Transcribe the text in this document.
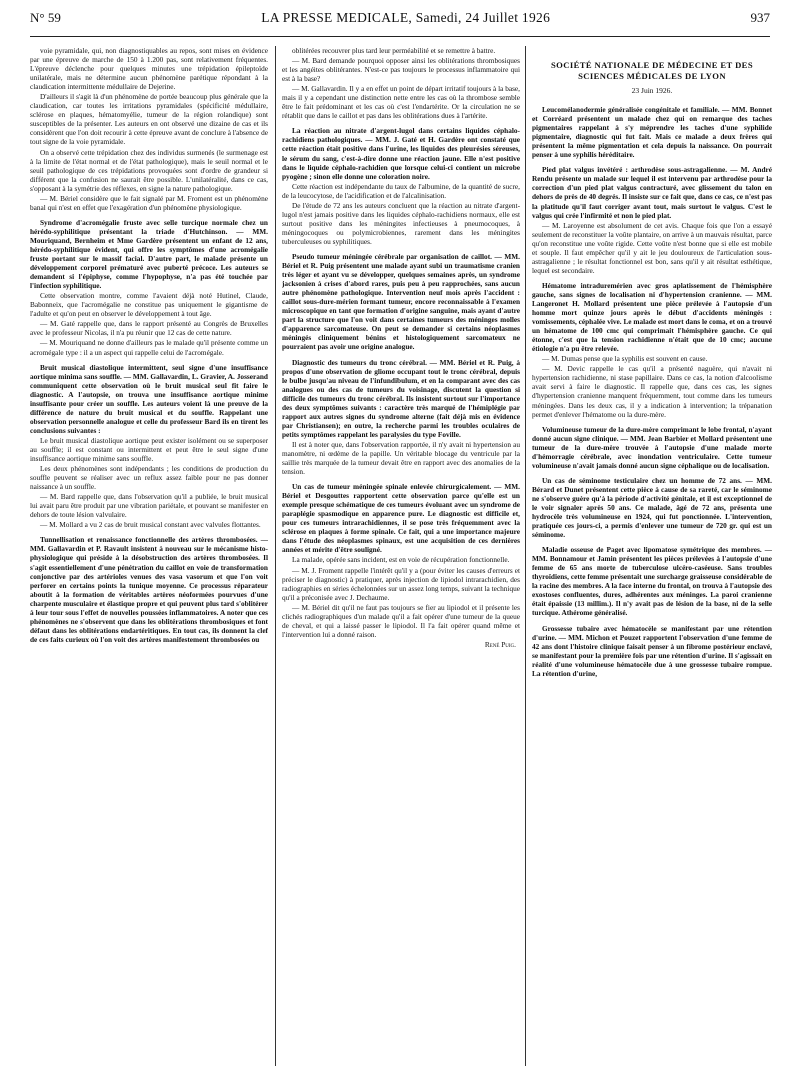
N° 59	LA PRESSE MEDICALE, Samedi, 24 Juillet 1926	937

voie pyramidale, qui, non diagnostiquables au repos, sont mises en évidence par une épreuve de marche de 150 à 1.200 pas, sont relativement fréquentes. L'épreuve déclenche pour quelques minutes une trépidation épileptoïde unilatérale, mais ne détermine aucun phénomène parétique répondant à la claudication intermittente médullaire de Dejerine.

D'ailleurs il s'agit là d'un phénomène de portée beaucoup plus générale que la claudication, car toutes les irritations pyramidales (spécificité médullaire, sclérose en plaques, hématomyélie, tumeur de la région rolandique) sont susceptibles de la présenter. Les auteurs en ont observé une dizaine de cas et ils considèrent que l'on doit recourir à cette épreuve avant de conclure à l'absence de tout signe de la voie pyramidale.

On a observé cette trépidation chez des individus surmenés (le surmenage est à la limite de l'état normal et de l'état pathologique), mais le seuil normal et le seuil pathologique de ces trépidations provoquées sont d'ordre de grandeur si différent que la confusion ne saurait être possible. L'unilatéralité, dans ce cas, s'opposant à la symétrie des réflexes, en signe la nature pathologique.

— M. Bériel considère que le fait signalé par M. Froment est un phénomène banal qui n'est en effet que l'exagération d'un phénomène physiologique.

Syndrome d'acromégalie fruste avec selle turcique normale chez un hérédo-syphilitique présentant la triade d'Hutchinson. — MM. Mouriquand, Bernheim et Mme Gardère présentent un enfant de 12 ans, hérédo-syphilitique évident, qui offre les symptômes d'une acromégalie fruste portant sur le massif facial. D'autre part, le malade présente un développement corporel prématuré avec puberté précoce. Les auteurs se demandent si l'épiphyse, comme l'hypophyse, n'a pas été touchée par l'infection syphilitique.

Cette observation montre, comme l'avaient déjà noté Hutinel, Claude, Babonneix, que l'acromégalie ne constitue pas uniquement le gigantisme de l'adulte et qu'on peut en observer le développement à tout âge.

— M. Gaté rappelle que, dans le rapport présenté au Congrès de Bruxelles avec le professeur Nicolas, il n'a pu réunir que 12 cas de cette nature.

— M. Mouriquand ne donne d'ailleurs pas le malade qu'il présente comme un acromégale type : il a un aspect qui rappelle celui de l'acromégale.

Bruit musical diastolique intermittent, seul signe d'une insuffisance aortique minima sans souffle. — MM. Gallavardin, L. Gravier, A. Josserand communiquent cette observation où le bruit musical seul fit faire le diagnostic. A l'autopsie, on trouva une insuffisance aortique minime insuffisante pour créer un souffle. Les auteurs voient là une preuve de la différence de nature du bruit musical et du souffle. Rappelant une observation personnelle analogue et celle du professeur Bard ils en tirent les conclusions suivantes :

Le bruit musical diastolique aortique peut exister isolément ou se superposer au souffle; il est constant ou intermittent et peut être le seul signe d'une insuffisance aortique minime sans souffle.

Les deux phénomènes sont indépendants ; les conditions de production du souffle peuvent se réaliser avec un reflux assez faible pour ne pas donner naissance à un souffle.

— M. Bard rappelle que, dans l'observation qu'il a publiée, le bruit musical lui avait paru être produit par une vibration pariétale, et pouvant se manifester en dehors de toute lésion valvulaire.

— M. Mollard a vu 2 cas de bruit musical constant avec valvules flottantes.

Tunnellisation et renaissance fonctionnelle des artères thrombosées. — MM. Gallavardin et P. Ravault insistent à nouveau sur le mécanisme histo-physiologique qui préside à la désobstruction des artères thrombosées. Il s'agit essentiellement d'une pénétration du caillot en voie de transformation conjonctive par des artérioles venues des vasa vasorum et que l'on voit perforer en certains points la tunique moyenne. Ce processus réparateur aboutit à la formation de véritables artères néoformées pourvues d'une charpente musculaire et élastique propre et qui peuvent plus tard s'oblitérer à leur tour sous l'effet de nouvelles poussées inflammatoires. A noter que ces phénomènes ne s'observent que dans les oblitérations thrombosiques et font défaut dans les oblitérations endartéritiques. En tout cas, ils donnent la clef de ces faits curieux où l'on voit des artères manifestement thrombosées ou

oblitérées recouvrer plus tard leur perméabilité et se remettre à battre.

— M. Bard demande pourquoi opposer ainsi les oblitérations thrombosiques et les angéites oblitérantes. N'est-ce pas toujours le processus inflammatoire qui est à la base?

— M. Gallavardin. Il y a en effet un point de départ irritatif toujours à la base, mais il y a cependant une distinction nette entre les cas où la thrombose semble être le fait prédominant et les cas où c'est l'endartérite. Or la circulation ne se rétablit que dans le caillot et pas dans les oblitérations dues à l'artérite.

La réaction au nitrate d'argent-lugol dans certains liquides céphalo-rachidiens pathologiques. — MM. J. Gaté et H. Gardère ont constaté que cette réaction était positive dans l'urine, les liquides des pleurésies séreuses, le sérum du sang, c'est-à-dire donne une réaction jaune. Elle n'est positive dans le liquide céphalo-rachidien que lorsque celui-ci contient un microbe pyogène ; sinon elle donne une coloration noire.

Cette réaction est indépendante du taux de l'albumine, de la quantité de sucre, de la leucocytose, de l'acidification et de l'alcalinisation.

De l'étude de 72 ans les auteurs concluent que la réaction au nitrate d'argent-lugol n'est jamais positive dans les liquides céphalo-rachidiens normaux, elle est surtout positive dans les méningites infectieuses à pneumocoques, à méningocoques ou polymicrobiennes, rarement dans les méningites tuberculeuses ou syphilitiques.

Pseudo tumeur méningée cérébrale par organisation de caillot. — MM. Bériel et R. Puig présentent une malade ayant subi un traumatisme cranien très léger et ayant vu se développer, quelques semaines après, un syndrome jacksonien à crises d'abord rares, puis peu à peu rapprochées, sans aucun autre phénomène pathologique. Intervention neuf mois après l'accident : caillot sous-dure-mérien formant tumeur, encore reconnaissable à l'examen microscopique en tant que formation d'origine sanguine, mais ayant d'autre part la structure que l'on voit dans certaines tumeurs des méninges molles d'apparence sarcomateuse. On peut se demander si certains néoplasmes méningés cliniquement bénins et histologiquement sarcomateux ne pourraient pas avoir une origine analogue.

Diagnostic des tumeurs du tronc cérébral. — MM. Bériel et R. Puig, à propos d'une observation de gliome occupant tout le tronc cérébral, depuis le bulbe jusqu'au niveau de l'infundibulum, et en la comparant avec des cas analogues ou des cas de tumeurs du voisinage, discutent la question si difficile des tumeurs du tronc cérébral. Ils insistent surtout sur l'importance des deux symptômes suivants : caractère très marqué de l'hémiplégie par rapport aux autres signes du syndrome alterne (fait déjà mis en évidence par Christiansen); en outre, la recherche parmi les troubles oculaires de petits symptômes rappelant les paralysies du type Foville.

Il est à noter que, dans l'observation rapportée, il n'y avait ni hypertension au manomètre, ni œdème de la papille. Un véritable blocage du ventricule par la saillie très marquée de la tumeur devait être en rapport avec des anomalies de la tension.

Un cas de tumeur méningée spinale enlevée chirurgicalement. — MM. Bériel et Desgouttes rapportent cette observation parce qu'elle est un exemple presque schématique de ces tumeurs évoluant avec un syndrome de paraplégie spasmodique en apparence pure. Le diagnostic est difficile et, pour ces tumeurs intrarachidiennes, il se pose très fréquemment avec la sclérose en plaques à forme spinale. Ce fait, qui a une importance majeure dans l'étude des néoplasmes spinaux, est une acquisition de ces dernières années et mérite d'être souligné.

La malade, opérée sans incident, est en voie de récupération fonctionnelle.

— M. J. Froment rappelle l'intérêt qu'il y a (pour éviter les causes d'erreurs et préciser le diagnostic) à pratiquer, après injection de lipiodol intrarachidien, des radiographies en séries échelonnées sur un assez long temps, suivant la technique qu'il a préconisée avec J. Dechaume.

— M. Bériel dit qu'il ne faut pas toujours se fier au lipiodol et il présente les clichés radiographiques d'un malade qu'il a fait opérer d'une tumeur de la queue de cheval, et qui a laissé passer le lipiodol. Il l'a fait opérer quand même et l'intervention lui a donné raison.

René Puig.

SOCIÉTÉ NATIONALE DE MÉDECINE ET DES SCIENCES MÉDICALES DE LYON
23 Juin 1926.

Leucomélanodermie généralisée congénitale et familiale. — MM. Bonnet et Corréard présentent un malade chez qui on remarque des taches pigmentaires rappelant à s'y méprendre les taches d'une syphilide pigmentaire, diagnostic qui fut fait. Mais ce malade a deux frères qui présentent la même pigmentation et cela depuis la naissance. On pourrait penser à une syphilis héréditaire.

Pied plat valgus invétéré : arthrodèse sous-astragalienne. — M. André Rendu présente un malade sur lequel il est intervenu par arthrodèse pour la correction d'un pied plat valgus contracturé, avec glissement du talon en dehors de près de 40 degrés. Il insiste sur ce fait que, dans ce cas, ce n'est pas la platitude qu'il faut corriger avant tout, mais surtout le valgus. C'est le valgus qui crée l'infirmité et non le pied plat.

— M. Laroyenne est absolument de cet avis. Chaque fois que l'on a essayé seulement de reconstituer la voûte plantaire, on arrive à un mauvais résultat, parce qu'on reconstitue une voûte rigide. Cette voûte n'est bonne que si elle est mobile et souple. Il faut empêcher qu'il y ait le jeu douloureux de l'articulation sous-astragalienne ; le résultat fonctionnel est bon, sans qu'il y ait résultat esthétique, lequel est secondaire.

Hématome intraduremérien avec gros aplatissement de l'hémisphère gauche, sans signes de localisation ni d'hypertension cranienne. — MM. Langeronet H. Mollard présentent une pièce prélevée à l'autopsie d'un homme mort quinze jours après le début d'accidents méningés : vomissements, céphalée vive. Le malade est mort dans le coma, et on a trouvé un hématome de 100 cmc qui comprimait l'hémisphère gauche. Ce qui étonne, c'est que la tension rachidienne n'était que de 10 cmc; aucune étiologie n'a pu être relevée.

— M. Dumas pense que la syphilis est souvent en cause.

— M. Devic rappelle le cas qu'il a présenté naguère, qui n'avait ni hypertension rachidienne, ni stase papillaire. Dans ce cas, la notion d'alcoolisme avait servi à faire le diagnostic. Il rappelle que, dans ces cas, les signes d'hypertension cranienne manquent fréquemment, tout comme dans les tumeurs méningées. Dans les deux cas, il y a indication à intervention; la trépanation permet d'enlever l'hématome ou la dure-mère.

Volumineuse tumeur de la dure-mère comprimant le lobe frontal, n'ayant donné aucun signe clinique. — MM. Jean Barbier et Mollard présentent une tumeur de la dure-mère trouvée à l'autopsie d'une malade morte d'hémorragie cérébrale, avec inondation ventriculaire. Cette tumeur volumineuse n'avait jamais donné aucun signe céphalique ou de localisation.

Un cas de séminome testiculaire chez un homme de 72 ans. — MM. Bérard et Dunet présentent cette pièce à cause de sa rareté, car le séminome ne s'observe guère qu'à la période d'activité génitale, et il est exceptionnel de le voir signaler après 50 ans. Ce malade, âgé de 72 ans, présenta une hydrocèle très volumineuse en 1924, qui fut ponctionnée. L'intervention, pratiquée ces jours-ci, a permis d'enlever une tumeur de 720 gr. qui est un séminome.

Maladie osseuse de Paget avec lipomatose symétrique des membres. — MM. Bonnamour et Jamin présentent les pièces prélevées à l'autopsie d'une femme de 65 ans morte de tuberculose ulcéro-caséeuse. Sans troubles thyroïdiens, cette femme présentait une surcharge graisseuse considérable de la racine des membres. A la face interne du frontal, on trouva à l'autopsie des exostoses confluentes, dures, adhérentes aux méninges. La paroi cranienne était épaissie (13 millim.). Il n'y avait pas de lésion de la base, ni de la selle turcique. Athérome généralisé.

Grossesse tubaire avec hématocèle se manifestant par une rétention d'urine. — MM. Michon et Pouzet rapportent l'observation d'une femme de 42 ans dont l'histoire clinique faisait penser à un fibrome postérieur enclavé, se manifestant pour la première fois par une rétention d'urine. Il s'agissait en réalité d'une volumineuse hématocèle due à une grossesse tubaire rompue. La rétention d'urine,
